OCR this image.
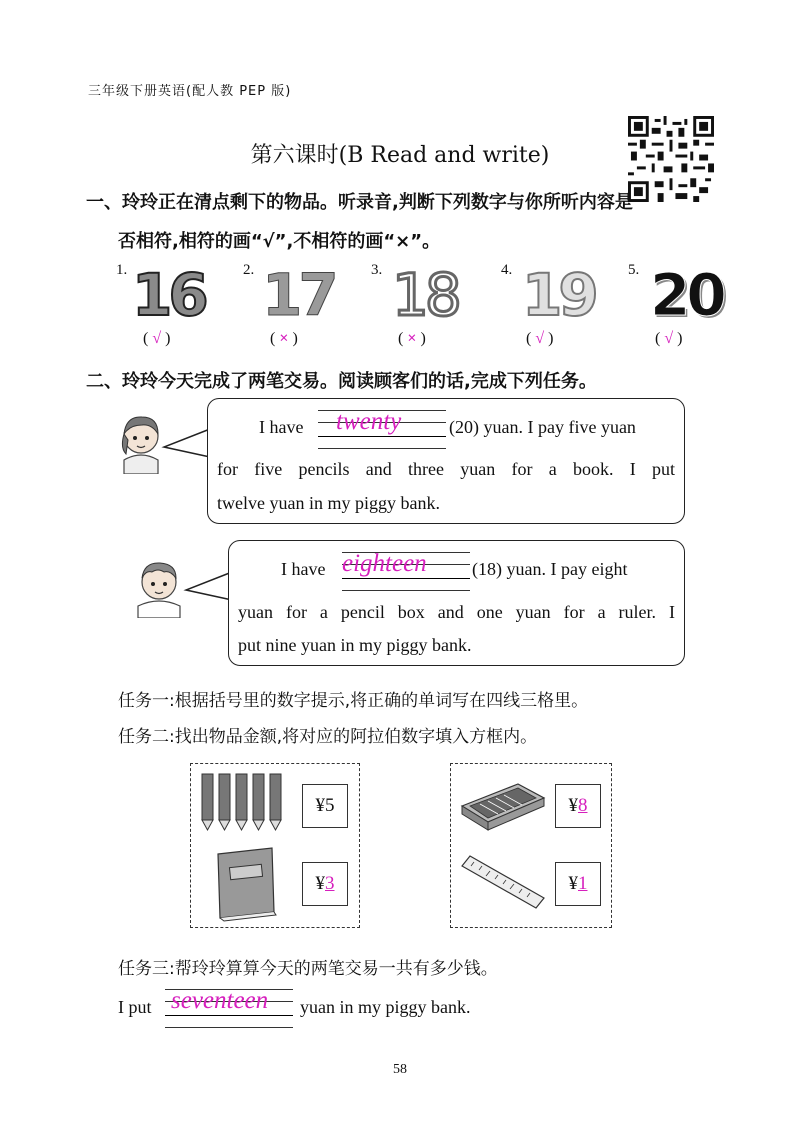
三年级下册英语(配人教 PEP 版)
第六课时(B Read and write)
一、玲玲正在清点剩下的物品。听录音,判断下列数字与你所听内容是
否相符,相符的画“√”,不相符的画“×”。
1. 16
( √ )
2. 17
( × )
3. 18
( × )
4. 19
( √ )
5. 20
( √ )
二、玲玲今天完成了两笔交易。阅读顾客们的话,完成下列任务。
I have twenty	(20) yuan. I pay five yuan
for five pencils and three yuan for a book. I put
twelve yuan in my piggy bank.
I have eighteen	(18) yuan. I pay eight
yuan for a pencil box and one yuan for a ruler. I
put nine yuan in my piggy bank.
任务一:根据括号里的数字提示,将正确的单词写在四线三格里。
任务二:找出物品金额,将对应的阿拉伯数字填入方框内。
¥ 5
¥ 3
¥ 8
¥ 1
任务三:帮玲玲算算今天的两笔交易一共有多少钱。
I put seventeen yuan in my piggy bank.
58
